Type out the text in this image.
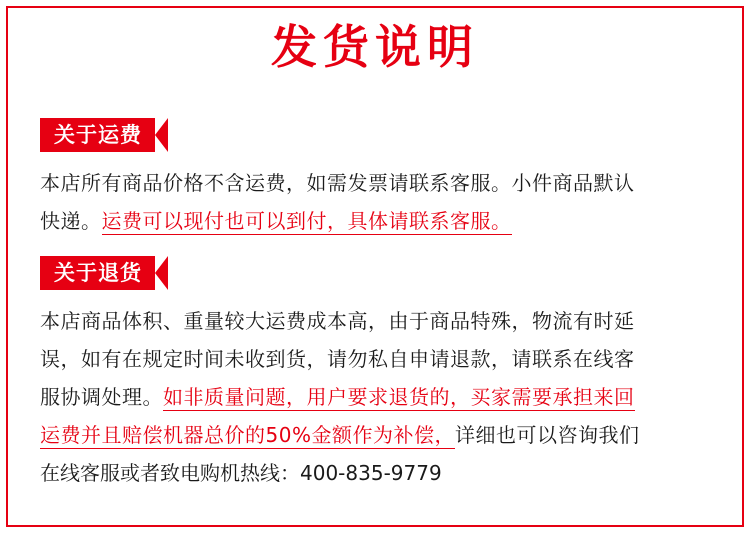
发货说明
关于运费
本店所有商品价格不含运费，如需发票请联系客服。小件商品默认
快递。运费可以现付也可以到付，具体请联系客服。
关于退货
本店商品体积、重量较大运费成本高，由于商品特殊，物流有时延
误，如有在规定时间未收到货，请勿私自申请退款，请联系在线客
服协调处理。如非质量问题，用户要求退货的，买家需要承担来回
运费并且赔偿机器总价的50%金额作为补偿，详细也可以咨询我们
在线客服或者致电购机热线：400-835-9779
